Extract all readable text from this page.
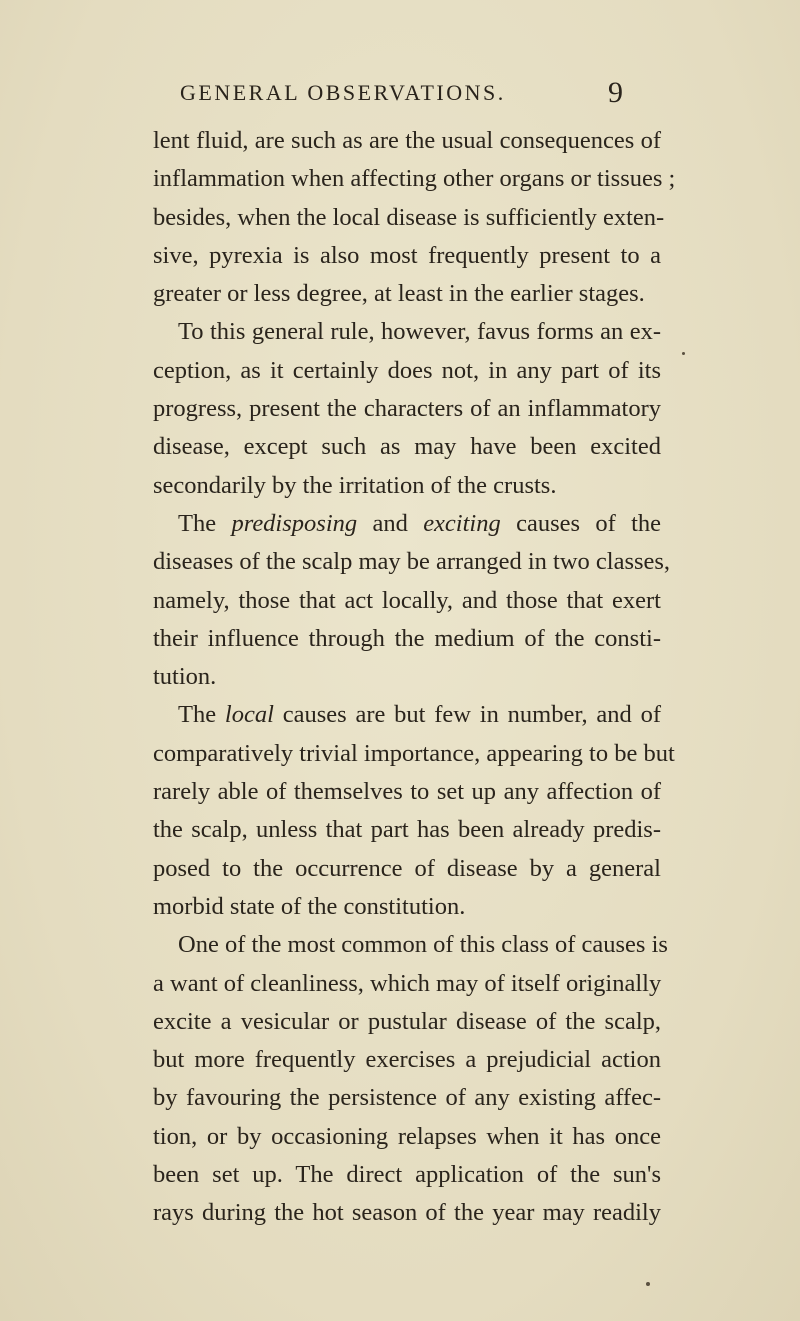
GENERAL OBSERVATIONS.	9
lent fluid, are such as are the usual consequences of
inflammation when affecting other organs or tissues ;
besides, when the local disease is sufficiently exten-
sive, pyrexia is also most frequently present to a
greater or less degree, at least in the earlier stages.
To this general rule, however, favus forms an ex-
ception, as it certainly does not, in any part of its
progress, present the characters of an inflammatory
disease, except such as may have been excited
secondarily by the irritation of the crusts.
The predisposing and exciting causes of the
diseases of the scalp may be arranged in two classes,
namely, those that act locally, and those that exert
their influence through the medium of the consti-
tution.
The local causes are but few in number, and of
comparatively trivial importance, appearing to be but
rarely able of themselves to set up any affection of
the scalp, unless that part has been already predis-
posed to the occurrence of disease by a general
morbid state of the constitution.
One of the most common of this class of causes is
a want of cleanliness, which may of itself originally
excite a vesicular or pustular disease of the scalp,
but more frequently exercises a prejudicial action
by favouring the persistence of any existing affec-
tion, or by occasioning relapses when it has once
been set up. The direct application of the sun's
rays during the hot season of the year may readily
